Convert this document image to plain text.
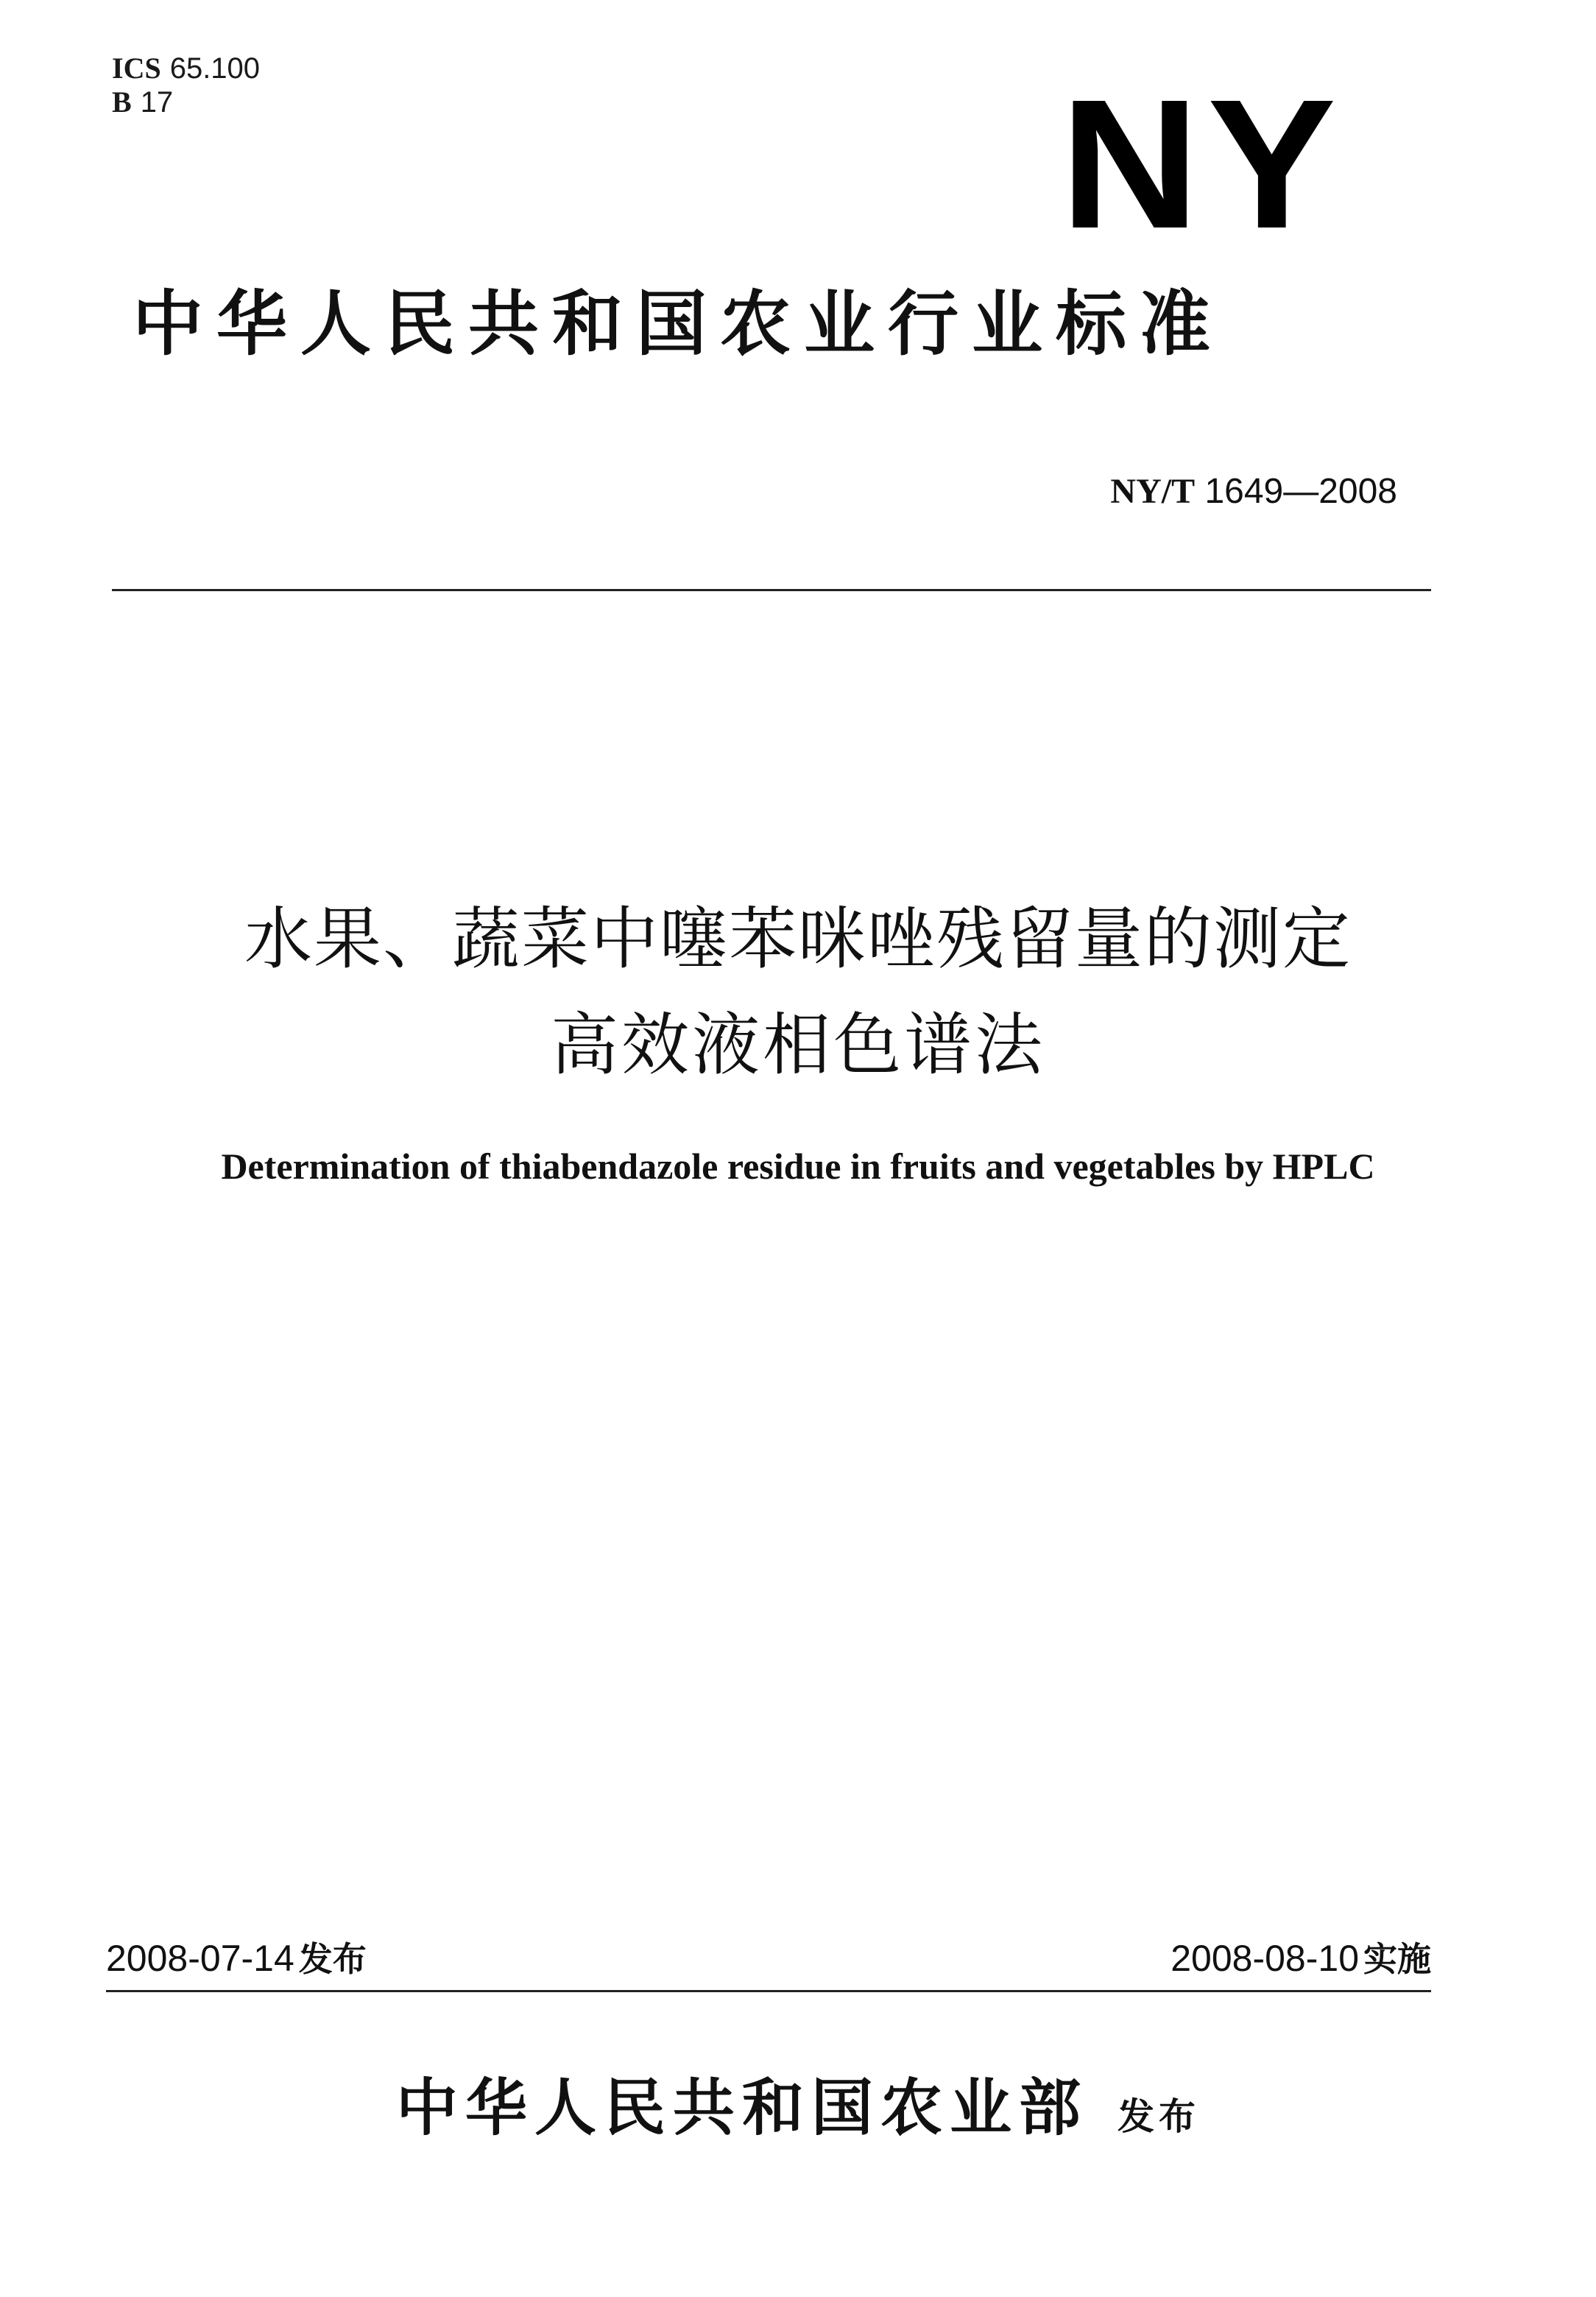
ICS 65.100
B 17	NY
中华人民共和国农业行业标准
NY/T 1649—2008
水果、蔬菜中噻苯咪唑残留量的测定
高效液相色谱法
Determination of thiabendazole residue in fruits and vegetables by HPLC
2008-07-14 发布	2008-08-10 实施
中华人民共和国农业部 发布
